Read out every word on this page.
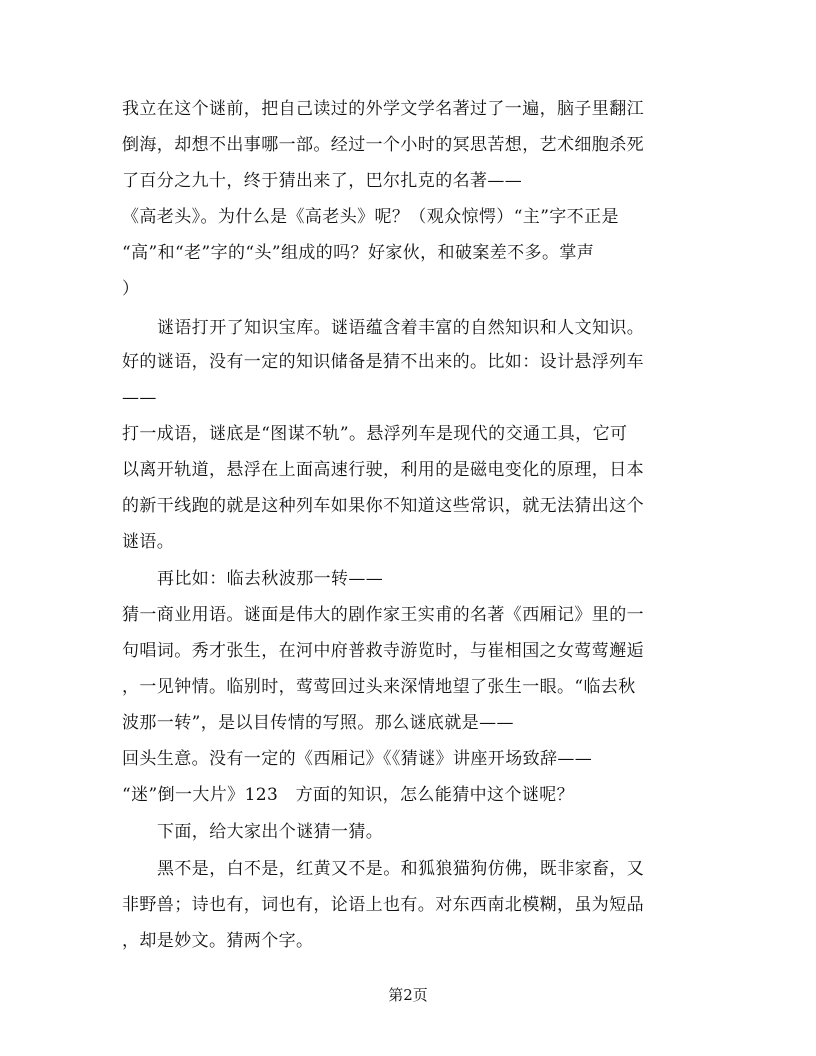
我立在这个谜前，把自己读过的外学文学名著过了一遍，脑子里翻江
倒海，却想不出事哪一部。经过一个小时的冥思苦想，艺术细胞杀死
了百分之九十，终于猜出来了，巴尔扎克的名著——
《高老头》。为什么是《高老头》呢？（观众惊愕）“主”字不正是
“高”和“老”字的“头”组成的吗？好家伙，和破案差不多。掌声
）
谜语打开了知识宝库。谜语蕴含着丰富的自然知识和人文知识。
好的谜语，没有一定的知识储备是猜不出来的。比如：设计悬浮列车
——
打一成语，谜底是“图谋不轨”。悬浮列车是现代的交通工具，它可
以离开轨道，悬浮在上面高速行驶，利用的是磁电变化的原理，日本
的新干线跑的就是这种列车如果你不知道这些常识，就无法猜出这个
谜语。
再比如：临去秋波那一转——
猜一商业用语。谜面是伟大的剧作家王实甫的名著《西厢记》里的一
句唱词。秀才张生，在河中府普救寺游览时，与崔相国之女莺莺邂逅
，一见钟情。临别时，莺莺回过头来深情地望了张生一眼。“临去秋
波那一转”，是以目传情的写照。那么谜底就是——
回头生意。没有一定的《西厢记》《《猜谜》讲座开场致辞——
“迷”倒一大片》123　方面的知识，怎么能猜中这个谜呢？
下面，给大家出个谜猜一猜。
黑不是，白不是，红黄又不是。和狐狼猫狗仿佛，既非家畜，又
非野兽；诗也有，词也有，论语上也有。对东西南北模糊，虽为短品
，却是妙文。猜两个字。
第2页
